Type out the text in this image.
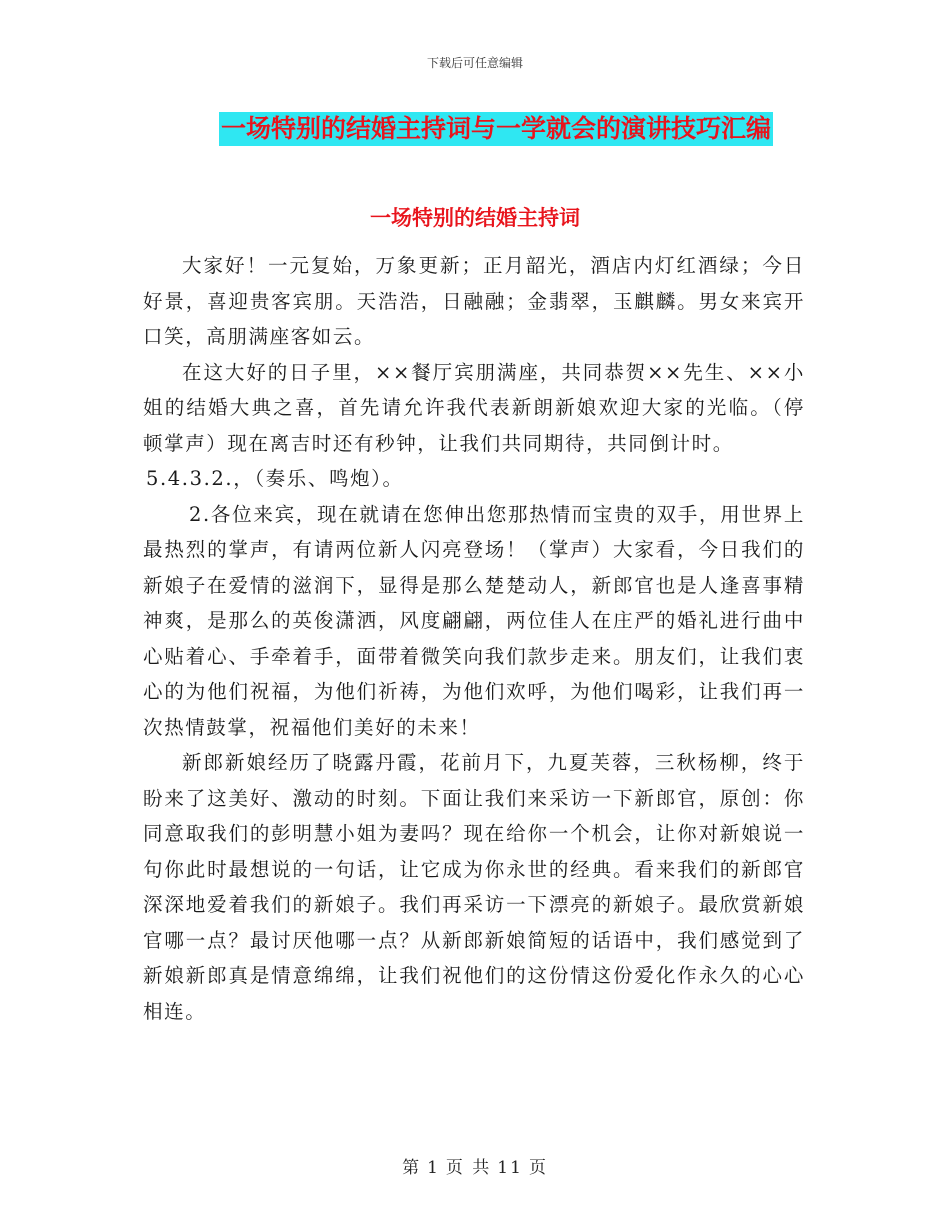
下载后可任意编辑
一场特别的结婚主持词与一学就会的演讲技巧汇编
一场特别的结婚主持词

大家好！一元复始，万象更新；正月韶光，酒店内灯红酒绿；今日好景，喜迎贵客宾朋。天浩浩，日融融；金翡翠，玉麒麟。男女来宾开口笑，高朋满座客如云。

在这大好的日子里，××餐厅宾朋满座，共同恭贺××先生、××小姐的结婚大典之喜，首先请允许我代表新朗新娘欢迎大家的光临。（停顿掌声）现在离吉时还有秒钟，让我们共同期待，共同倒计时。

5.4.3.2.，（奏乐、鸣炮）。

2.各位来宾，现在就请在您伸出您那热情而宝贵的双手，用世界上最热烈的掌声，有请两位新人闪亮登场！（掌声）大家看，今日我们的新娘子在爱情的滋润下，显得是那么楚楚动人，新郎官也是人逢喜事精神爽，是那么的英俊潇洒，风度翩翩，两位佳人在庄严的婚礼进行曲中心贴着心、手牵着手，面带着微笑向我们款步走来。朋友们，让我们衷心的为他们祝福，为他们祈祷，为他们欢呼，为他们喝彩，让我们再一次热情鼓掌，祝福他们美好的未来！

新郎新娘经历了晓露丹霞，花前月下，九夏芙蓉，三秋杨柳，终于盼来了这美好、激动的时刻。下面让我们来采访一下新郎官，原创：你同意取我们的彭明慧小姐为妻吗？现在给你一个机会，让你对新娘说一句你此时最想说的一句话，让它成为你永世的经典。看来我们的新郎官深深地爱着我们的新娘子。我们再采访一下漂亮的新娘子。最欣赏新娘官哪一点？最讨厌他哪一点？从新郎新娘简短的话语中，我们感觉到了新娘新郎真是情意绵绵，让我们祝他们的这份情这份爱化作永久的心心相连。

第 1 页 共 11 页
